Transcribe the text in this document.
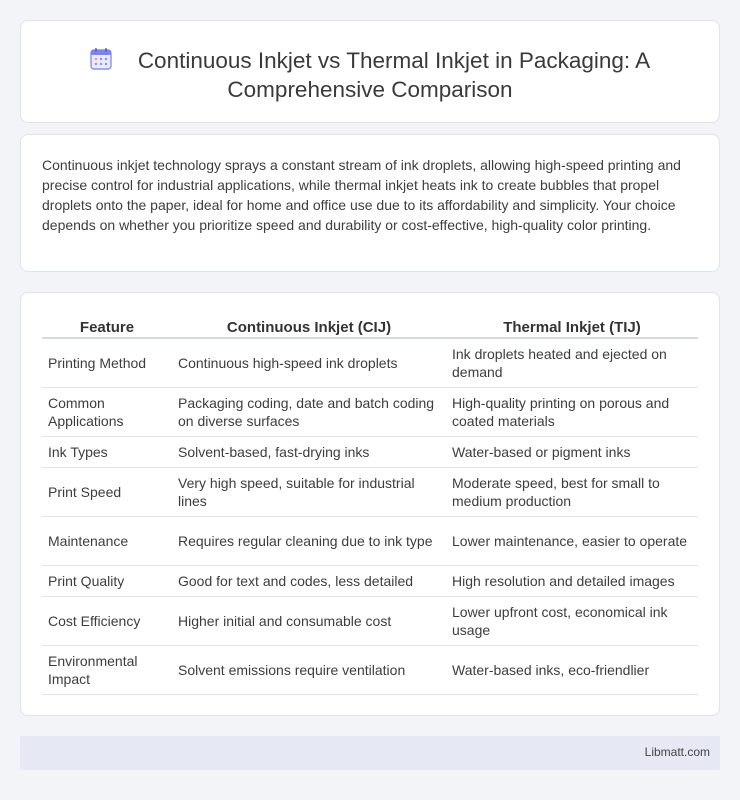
Continuous Inkjet vs Thermal Inkjet in Packaging: A Comprehensive Comparison

Continuous inkjet technology sprays a constant stream of ink droplets, allowing high-speed printing and precise control for industrial applications, while thermal inkjet heats ink to create bubbles that propel droplets onto the paper, ideal for home and office use due to its affordability and simplicity. Your choice depends on whether you prioritize speed and durability or cost-effective, high-quality color printing.

Feature	Continuous Inkjet (CIJ)	Thermal Inkjet (TIJ)
Printing Method	Continuous high-speed ink droplets	Ink droplets heated and ejected on demand
Common Applications	Packaging coding, date and batch coding on diverse surfaces	High-quality printing on porous and coated materials
Ink Types	Solvent-based, fast-drying inks	Water-based or pigment inks
Print Speed	Very high speed, suitable for industrial lines	Moderate speed, best for small to medium production
Maintenance	Requires regular cleaning due to ink type	Lower maintenance, easier to operate
Print Quality	Good for text and codes, less detailed	High resolution and detailed images
Cost Efficiency	Higher initial and consumable cost	Lower upfront cost, economical ink usage
Environmental Impact	Solvent emissions require ventilation	Water-based inks, eco-friendlier
Libmatt.com
